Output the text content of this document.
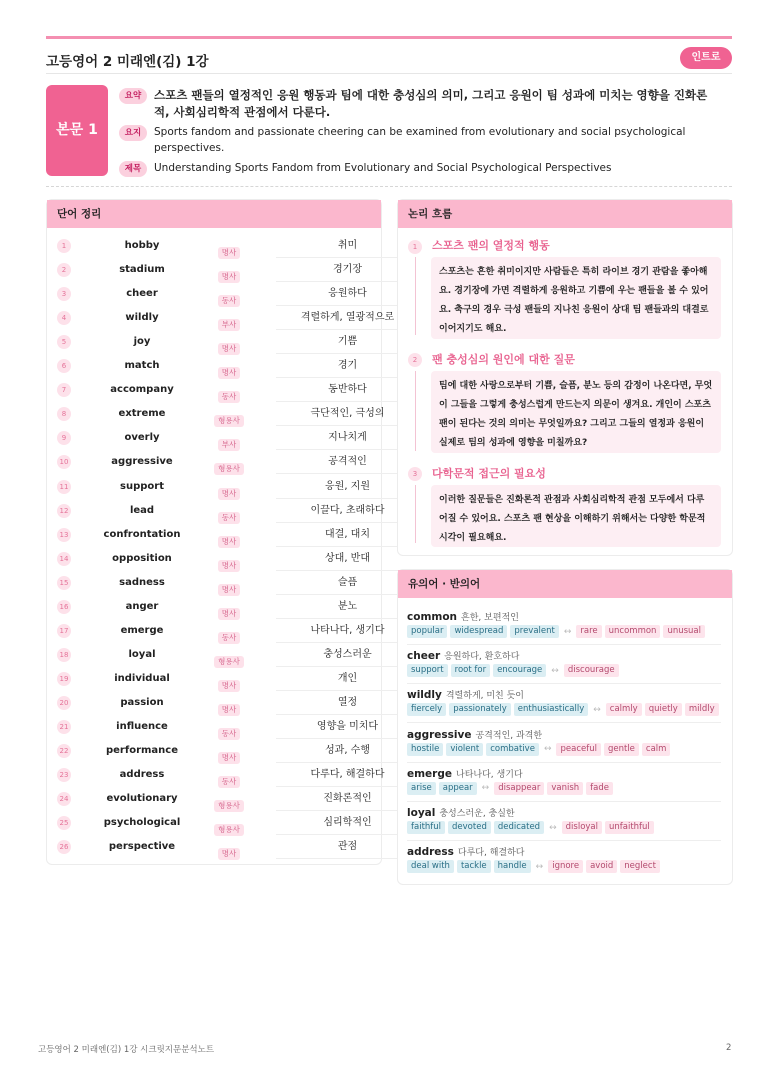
고등영어 2 미래엔(김) 1강	인트로
본문 1
요약	스포츠 팬들의 열정적인 응원 행동과 팀에 대한 충성심의 의미, 그리고 응원이 팀 성과에 미치는 영향을 진화론적, 사회심리학적 관점에서 다룬다.
요지	Sports fandom and passionate cheering can be examined from evolutionary and social psychological perspectives.
제목	Understanding Sports Fandom from Evolutionary and Social Psychological Perspectives
단어 정리
1	hobby
명사
취미
2	stadium
명사
경기장
3	cheer
동사
응원하다
4	wildly
부사
격렬하게, 열광적으로
5	joy
명사
기쁨
6	match
명사
경기
7	accompany
동사
동반하다
8	extreme
형용사
극단적인, 극성의
9	overly
부사
지나치게
10	aggressive
형용사
공격적인
11	support
명사
응원, 지원
12	lead
동사
이끌다, 초래하다
13	confrontation
명사
대결, 대치
14	opposition
명사
상대, 반대
15	sadness
명사
슬픔
16	anger
명사
분노
17	emerge
동사
나타나다, 생기다
18	loyal
형용사
충성스러운
19	individual
명사
개인
20	passion
명사
열정
21	influence
동사
영향을 미치다
22	performance
명사
성과, 수행
23	address
동사
다루다, 해결하다
24	evolutionary
형용사
진화론적인
25	psychological
형용사
심리학적인
26	perspective
명사
관점
논리 흐름
1	스포츠 팬의 열정적 행동
스포츠는 흔한 취미이지만 사람들은 특히 라이브 경기 관람을 좋아해요. 경기장에 가면 격렬하게 응원하고 기쁨에 우는 팬들을 볼 수 있어요. 축구의 경우 극성 팬들의 지나친 응원이 상대 팀 팬들과의 대결로 이어지기도 해요.
2	팬 충성심의 원인에 대한 질문
팀에 대한 사랑으로부터 기쁨, 슬픔, 분노 등의 감정이 나온다면, 무엇이 그들을 그렇게 충성스럽게 만드는지 의문이 생겨요. 개인이 스포츠 팬이 된다는 것의 의미는 무엇일까요? 그리고 그들의 열정과 응원이 실제로 팀의 성과에 영향을 미칠까요?
3	다학문적 접근의 필요성
이러한 질문들은 진화론적 관점과 사회심리학적 관점 모두에서 다루어질 수 있어요. 스포츠 팬 현상을 이해하기 위해서는 다양한 학문적 시각이 필요해요.
유의어 · 반의어
common 흔한, 보편적인
popular	widespread	prevalent	↔	rare	uncommon	unusual
cheer 응원하다, 환호하다
support	root for	encourage	↔	discourage
wildly 격렬하게, 미친 듯이
fiercely	passionately	enthusiastically	↔	calmly	quietly	mildly
aggressive 공격적인, 과격한
hostile	violent	combative	↔	peaceful	gentle	calm
emerge 나타나다, 생기다
arise	appear	↔	disappear	vanish	fade
loyal 충성스러운, 충실한
faithful	devoted	dedicated	↔	disloyal	unfaithful
address 다루다, 해결하다
deal with	tackle	handle	↔	ignore	avoid	neglect
고등영어 2 미래엔(김) 1강 시크릿지문분석노트	2
